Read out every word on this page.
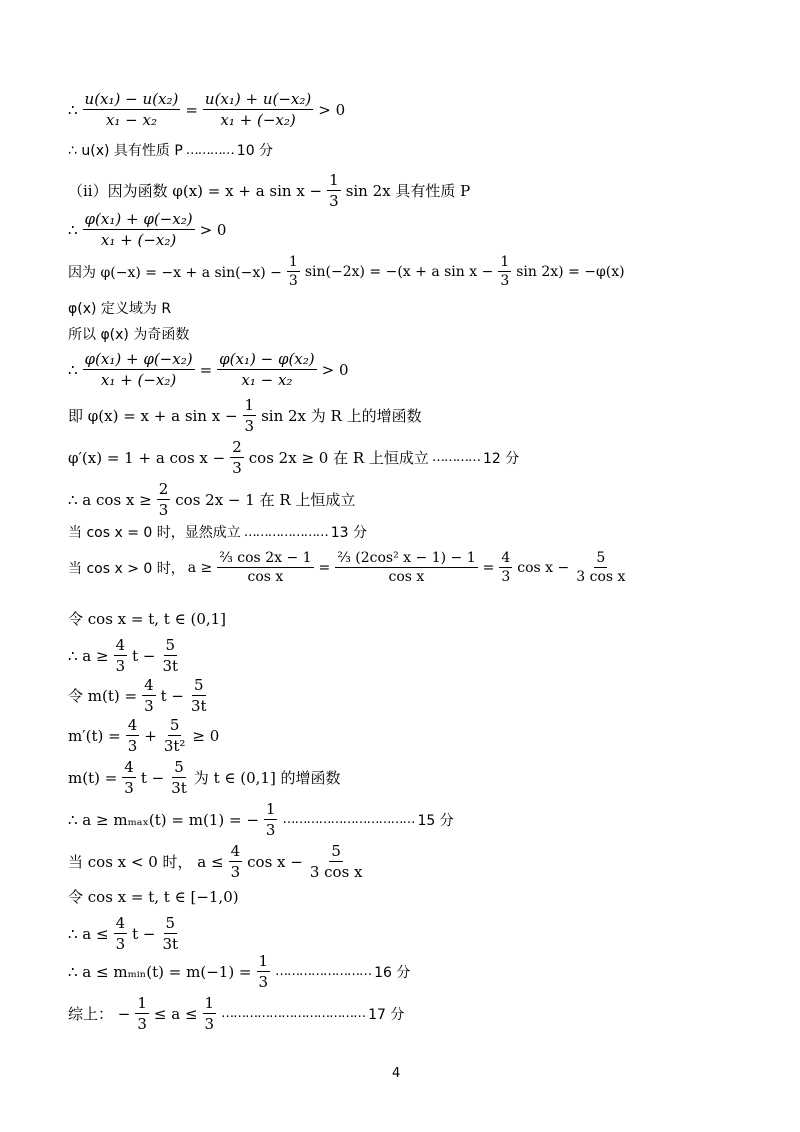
∴ $\frac{\text{u(x₁) − u(x₂)}}{\text{x₁ − x₂}} = \frac{\text{u(x₁) + u(−x₂)}}{\text{x₁ + (−x₂)}} > 0$
∴ u(x) 具有性质 P ………… 10 分
（ii）因为函数 φ(x) = x + a $\sin x - \frac{1}{3}$ sin 2x 具有性质 P
∴ $\frac{\text{φ(x₁) + φ(−x₂)}}{\text{x₁ + (−x₂)}} > 0$
因为 φ(−x) = −x + a $\sin(-x) - \frac{1}{3} \sin(-2x) = -(x + a$ $\sin x - \frac{1}{3}$ sin 2x) = −φ(x)
φ(x) 定义域为 R
所以 φ(x) 为奇函数
∴ $\frac{\text{φ(x₁) + φ(−x₂)}}{\text{x₁ + (−x₂)}} = \frac{\text{φ(x₁) − φ(x₂)}}{\text{x₁ − x₂}} > 0$
即 φ(x) = x + a $\sin x - \frac{1}{3}$ sin 2x 为 R 上的增函数
φ′(x) = 1 + a $\cos x - \frac{2}{3}$ cos 2x ≥ 0 在 R 上恒成立 ………… 12 分
∴ a $\cos x \ge \frac{2}{3}$ cos 2x − 1 在 R 上恒成立
当 cos x = 0 时，显然成立 ………………… 13 分
当 cos x > 0 时， $a \ge \frac{\text{⅔ cos 2x − 1}}{\text{cos x}} = \frac{\text{⅔ (2cos² x − 1) − 1}}{\text{cos x}} = \frac{4}{3}$ $\cos x - \frac{5}{\text{3 cos x}}$
令 cos x = t, t ∈ (0,1]
∴ $a \ge \frac{4}{3}$ $t - \frac{5}{3t}$
令 $m(t) = \frac{4}{3}$ $t - \frac{5}{3t}$
$m'(t) = \frac{4}{3} + \frac{5}{\text{3t²}} \ge 0$
$m(t) = \frac{4}{3}$ $t - \frac{5}{3t}$ 为 t ∈ (0,1] 的增函数
∴ a ≥ mₘₐₓ(t) = m(1) = − $\frac{1}{3}$ …………………………… 15 分
当 cos x < 0 时， $a \le \frac{4}{3}$ $\cos x - \frac{5}{\text{3 cos x}}$
令 cos x = t, t ∈ [−1,0)
∴ $a \le \frac{4}{3}$ $t - \frac{5}{3t}$
∴ a ≤ mₘᵢₙ(t) = $m(-1) = \frac{1}{3}$ …………………… 16 分
综上： − $\frac{1}{3} \le a \le \frac{1}{3}$ ……………………………… 17 分
4
